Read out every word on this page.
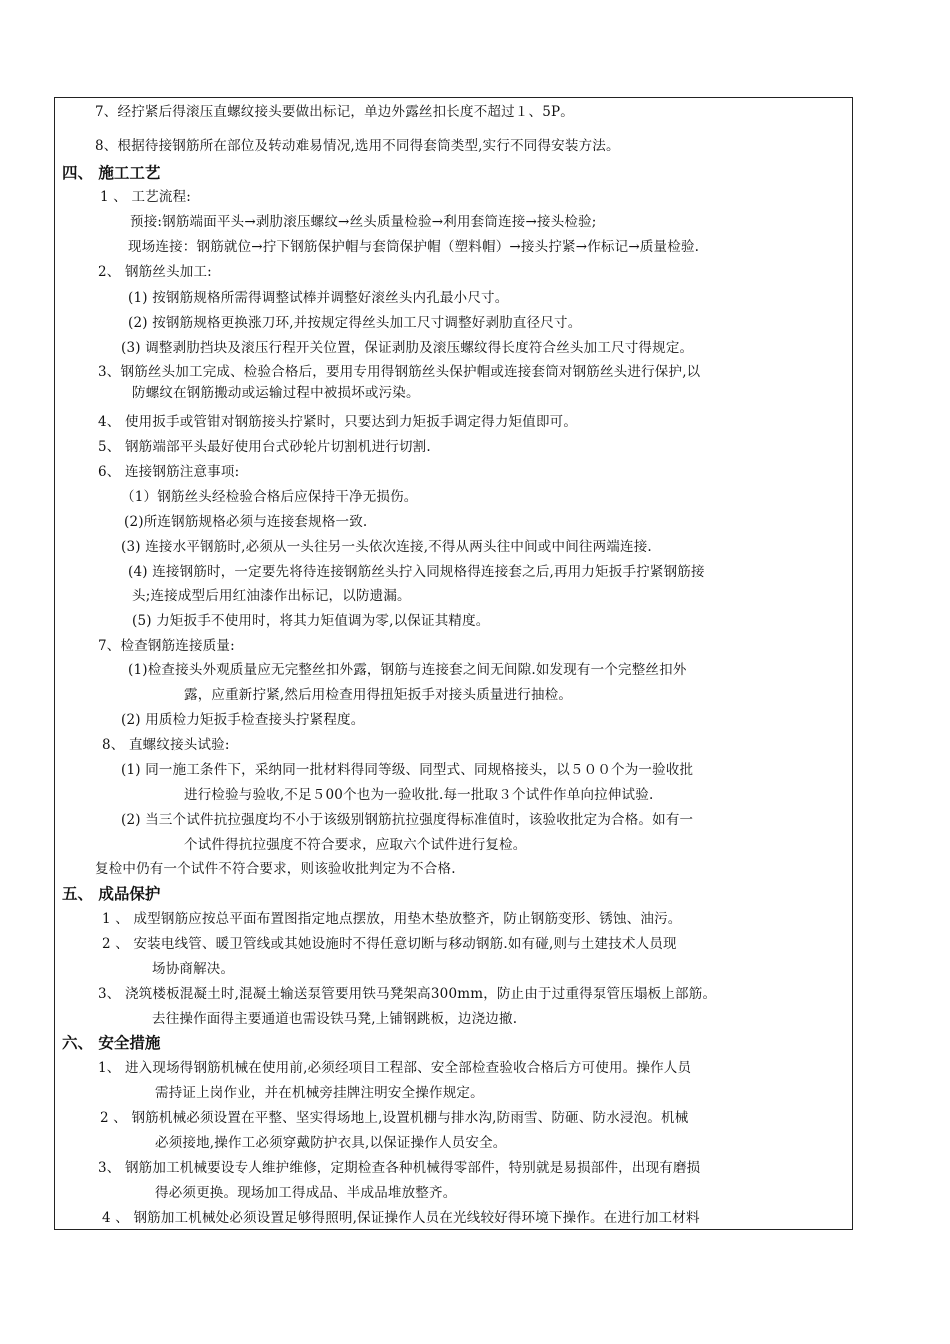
7、经拧紧后得滚压直螺纹接头要做出标记，单边外露丝扣长度不超过１、5P。
8、根据待接钢筋所在部位及转动难易情况,选用不同得套筒类型,实行不同得安装方法。
四、 施工工艺
1 、 工艺流程:
预接:钢筋端面平头→剥肋滚压螺纹→丝头质量检验→利用套筒连接→接头检验;
现场连接：钢筋就位→拧下钢筋保护帽与套筒保护帽（塑料帽）→接头拧紧→作标记→质量检验.
2、 钢筋丝头加工:
(1) 按钢筋规格所需得调整试棒并调整好滚丝头内孔最小尺寸。
(2) 按钢筋规格更换涨刀环,并按规定得丝头加工尺寸调整好剥肋直径尺寸。
(3) 调整剥肋挡块及滚压行程开关位置，保证剥肋及滚压螺纹得长度符合丝头加工尺寸得规定。
3、钢筋丝头加工完成、检验合格后，要用专用得钢筋丝头保护帽或连接套筒对钢筋丝头进行保护,以
防螺纹在钢筋搬动或运输过程中被损坏或污染。
4、 使用扳手或管钳对钢筋接头拧紧时，只要达到力矩扳手调定得力矩值即可。
5、 钢筋端部平头最好使用台式砂轮片切割机进行切割.
6、 连接钢筋注意事项:
（1）钢筋丝头经检验合格后应保持干净无损伤。
(2)所连钢筋规格必须与连接套规格一致.
(3) 连接水平钢筋时,必须从一头往另一头依次连接,不得从两头往中间或中间往两端连接.
(4) 连接钢筋时，一定要先将待连接钢筋丝头拧入同规格得连接套之后,再用力矩扳手拧紧钢筋接
头;连接成型后用红油漆作出标记，以防遗漏。
(5) 力矩扳手不使用时，将其力矩值调为零,以保证其精度。
7、检查钢筋连接质量:
(1)检查接头外观质量应无完整丝扣外露，钢筋与连接套之间无间隙.如发现有一个完整丝扣外
露，应重新拧紧,然后用检查用得扭矩扳手对接头质量进行抽检。
(2) 用质检力矩扳手检查接头拧紧程度。
8、 直螺纹接头试验:
(1) 同一施工条件下，采纳同一批材料得同等级、同型式、同规格接头，以５００个为一验收批
进行检验与验收,不足５00个也为一验收批.每一批取３个试件作单向拉伸试验.
(2) 当三个试件抗拉强度均不小于该级别钢筋抗拉强度得标准值时，该验收批定为合格。如有一
个试件得抗拉强度不符合要求，应取六个试件进行复检。
复检中仍有一个试件不符合要求，则该验收批判定为不合格.
五、 成品保护
1 、 成型钢筋应按总平面布置图指定地点摆放，用垫木垫放整齐，防止钢筋变形、锈蚀、油污。
2 、 安装电线管、暖卫管线或其她设施时不得任意切断与移动钢筋.如有碰,则与土建技术人员现
场协商解决。
3、 浇筑楼板混凝土时,混凝土输送泵管要用铁马凳架高300mm，防止由于过重得泵管压塌板上部筋。
去往操作面得主要通道也需设铁马凳,上铺钢跳板，边浇边撤.
六、 安全措施
1、 进入现场得钢筋机械在使用前,必须经项目工程部、安全部检查验收合格后方可使用。操作人员
需持证上岗作业，并在机械旁挂牌注明安全操作规定。
2 、 钢筋机械必须设置在平整、坚实得场地上,设置机棚与排水沟,防雨雪、防砸、防水浸泡。机械
必须接地,操作工必须穿戴防护衣具,以保证操作人员安全。
3、 钢筋加工机械要设专人维护维修，定期检查各种机械得零部件，特别就是易损部件，出现有磨损
得必须更换。现场加工得成品、半成品堆放整齐。
4 、 钢筋加工机械处必须设置足够得照明,保证操作人员在光线较好得环境下操作。在进行加工材料
